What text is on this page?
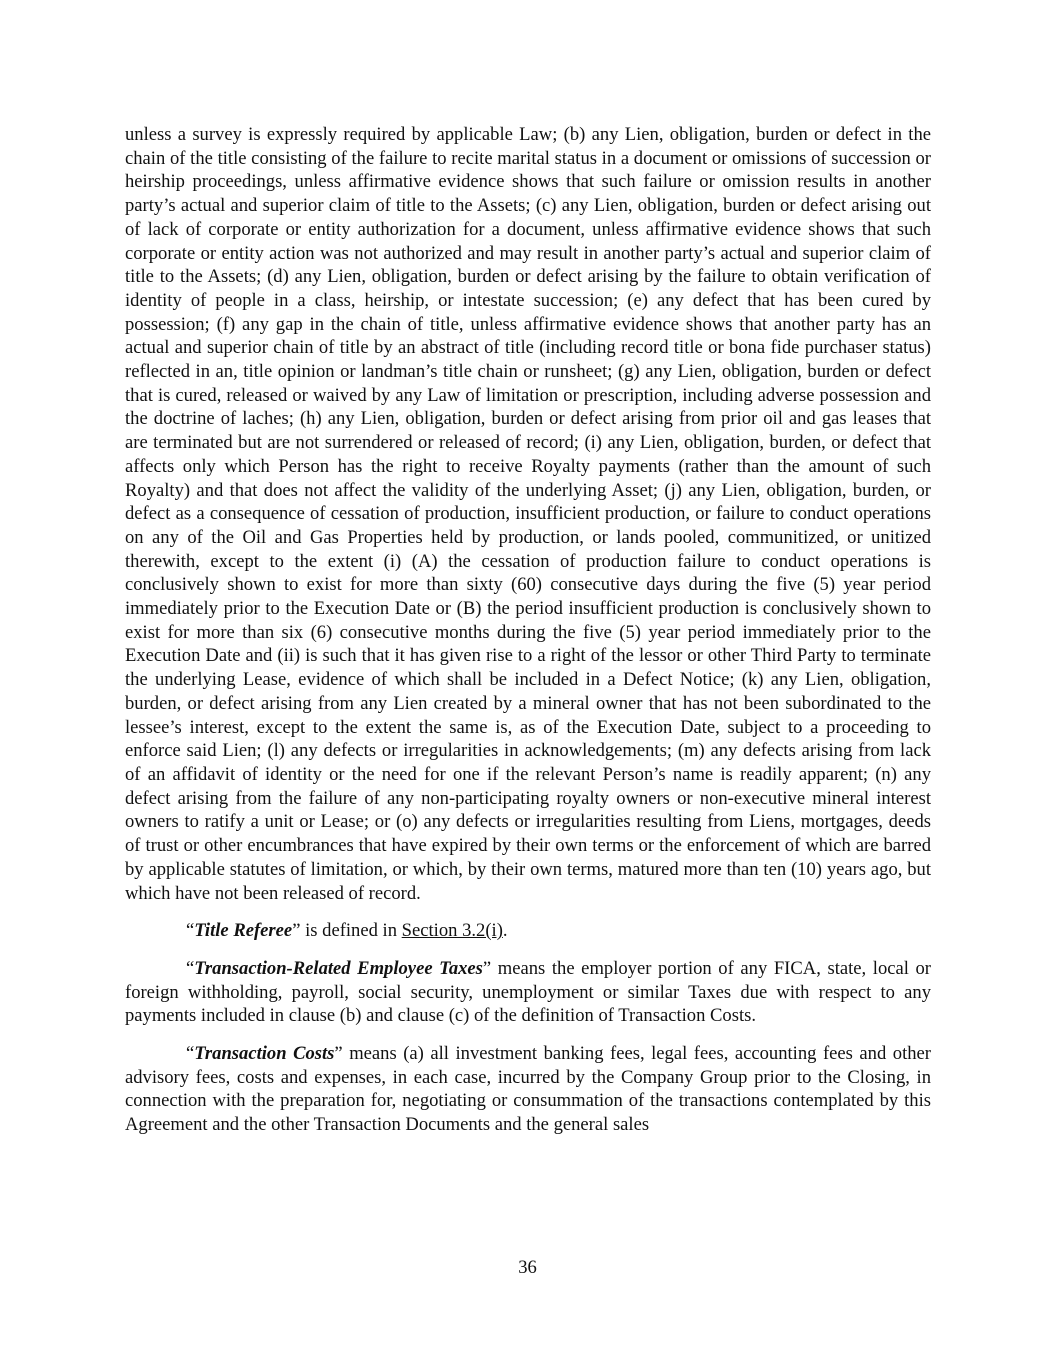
unless a survey is expressly required by applicable Law; (b) any Lien, obligation, burden or defect in the chain of the title consisting of the failure to recite marital status in a document or omissions of succession or heirship proceedings, unless affirmative evidence shows that such failure or omission results in another party’s actual and superior claim of title to the Assets; (c) any Lien, obligation, burden or defect arising out of lack of corporate or entity authorization for a document, unless affirmative evidence shows that such corporate or entity action was not authorized and may result in another party’s actual and superior claim of title to the Assets; (d) any Lien, obligation, burden or defect arising by the failure to obtain verification of identity of people in a class, heirship, or intestate succession; (e) any defect that has been cured by possession; (f) any gap in the chain of title, unless affirmative evidence shows that another party has an actual and superior chain of title by an abstract of title (including record title or bona fide purchaser status) reflected in an, title opinion or landman’s title chain or runsheet; (g) any Lien, obligation, burden or defect that is cured, released or waived by any Law of limitation or prescription, including adverse possession and the doctrine of laches; (h) any Lien, obligation, burden or defect arising from prior oil and gas leases that are terminated but are not surrendered or released of record; (i) any Lien, obligation, burden, or defect that affects only which Person has the right to receive Royalty payments (rather than the amount of such Royalty) and that does not affect the validity of the underlying Asset; (j) any Lien, obligation, burden, or defect as a consequence of cessation of production, insufficient production, or failure to conduct operations on any of the Oil and Gas Properties held by production, or lands pooled, communitized, or unitized therewith, except to the extent (i) (A) the cessation of production failure to conduct operations is conclusively shown to exist for more than sixty (60) consecutive days during the five (5) year period immediately prior to the Execution Date or (B) the period insufficient production is conclusively shown to exist for more than six (6) consecutive months during the five (5) year period immediately prior to the Execution Date and (ii) is such that it has given rise to a right of the lessor or other Third Party to terminate the underlying Lease, evidence of which shall be included in a Defect Notice; (k) any Lien, obligation, burden, or defect arising from any Lien created by a mineral owner that has not been subordinated to the lessee’s interest, except to the extent the same is, as of the Execution Date, subject to a proceeding to enforce said Lien; (l) any defects or irregularities in acknowledgements; (m) any defects arising from lack of an affidavit of identity or the need for one if the relevant Person’s name is readily apparent; (n) any defect arising from the failure of any non-participating royalty owners or non-executive mineral interest owners to ratify a unit or Lease; or (o) any defects or irregularities resulting from Liens, mortgages, deeds of trust or other encumbrances that have expired by their own terms or the enforcement of which are barred by applicable statutes of limitation, or which, by their own terms, matured more than ten (10) years ago, but which have not been released of record.

“Title Referee” is defined in Section 3.2(i).

“Transaction-Related Employee Taxes” means the employer portion of any FICA, state, local or foreign withholding, payroll, social security, unemployment or similar Taxes due with respect to any payments included in clause (b) and clause (c) of the definition of Transaction Costs.

“Transaction Costs” means (a) all investment banking fees, legal fees, accounting fees and other advisory fees, costs and expenses, in each case, incurred by the Company Group prior to the Closing, in connection with the preparation for, negotiating or consummation of the transactions contemplated by this Agreement and the other Transaction Documents and the general sales

36
